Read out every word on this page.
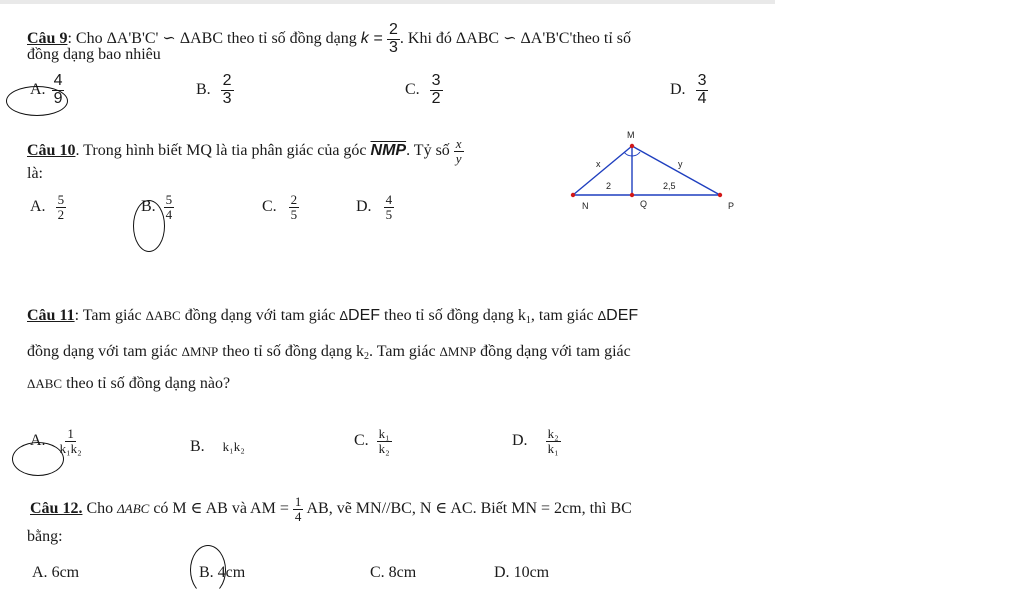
Câu 9: Cho ΔA'B'C' ∽ ΔABC theo tỉ số đồng dạng $k = \frac{2}{3}$ . Khi đó ΔABC ∽ ΔA'B'C'theo tỉ số
đồng dạng bao nhiêu
A. $\frac{4}{9}$	B. $\frac{2}{3}$	C. $\frac{3}{2}$	D. $\frac{3}{4}$
Câu 10. Trong hình biết MQ là tia phân giác của góc $\overline{NMP}$. Tỷ số $\frac{x}{y}$
là:
A. $\frac{5}{2}$	B. $\frac{5}{4}$	C. $\frac{2}{5}$	D. $\frac{4}{5}$
M
N	Q	P
x	y
2	2,5
Câu 11: Tam giác ΔABC đồng dạng với tam giác ΔDEF theo tỉ số đồng dạng $k_1$, tam giác ΔDEF
đồng dạng với tam giác ΔMNP theo tỉ số đồng dạng $k_2$. Tam giác ΔMNP đồng dạng với tam giác
ΔABC theo tỉ số đồng dạng nào?
A. $\frac{1}{\text{k₁k₂}}$	B. k₁k₂	C. $\frac{\text{k₁}}{\text{k₂}}$	D. $\frac{\text{k₂}}{\text{k₁}}$
Câu 12. Cho ΔABC có M ∈ AB và AM = $\frac{1}{4}$ AB, vẽ MN//BC, N ∈ AC. Biết MN = 2cm, thì BC
bằng:
A. 6cm	B. 4cm	C. 8cm	D. 10cm
